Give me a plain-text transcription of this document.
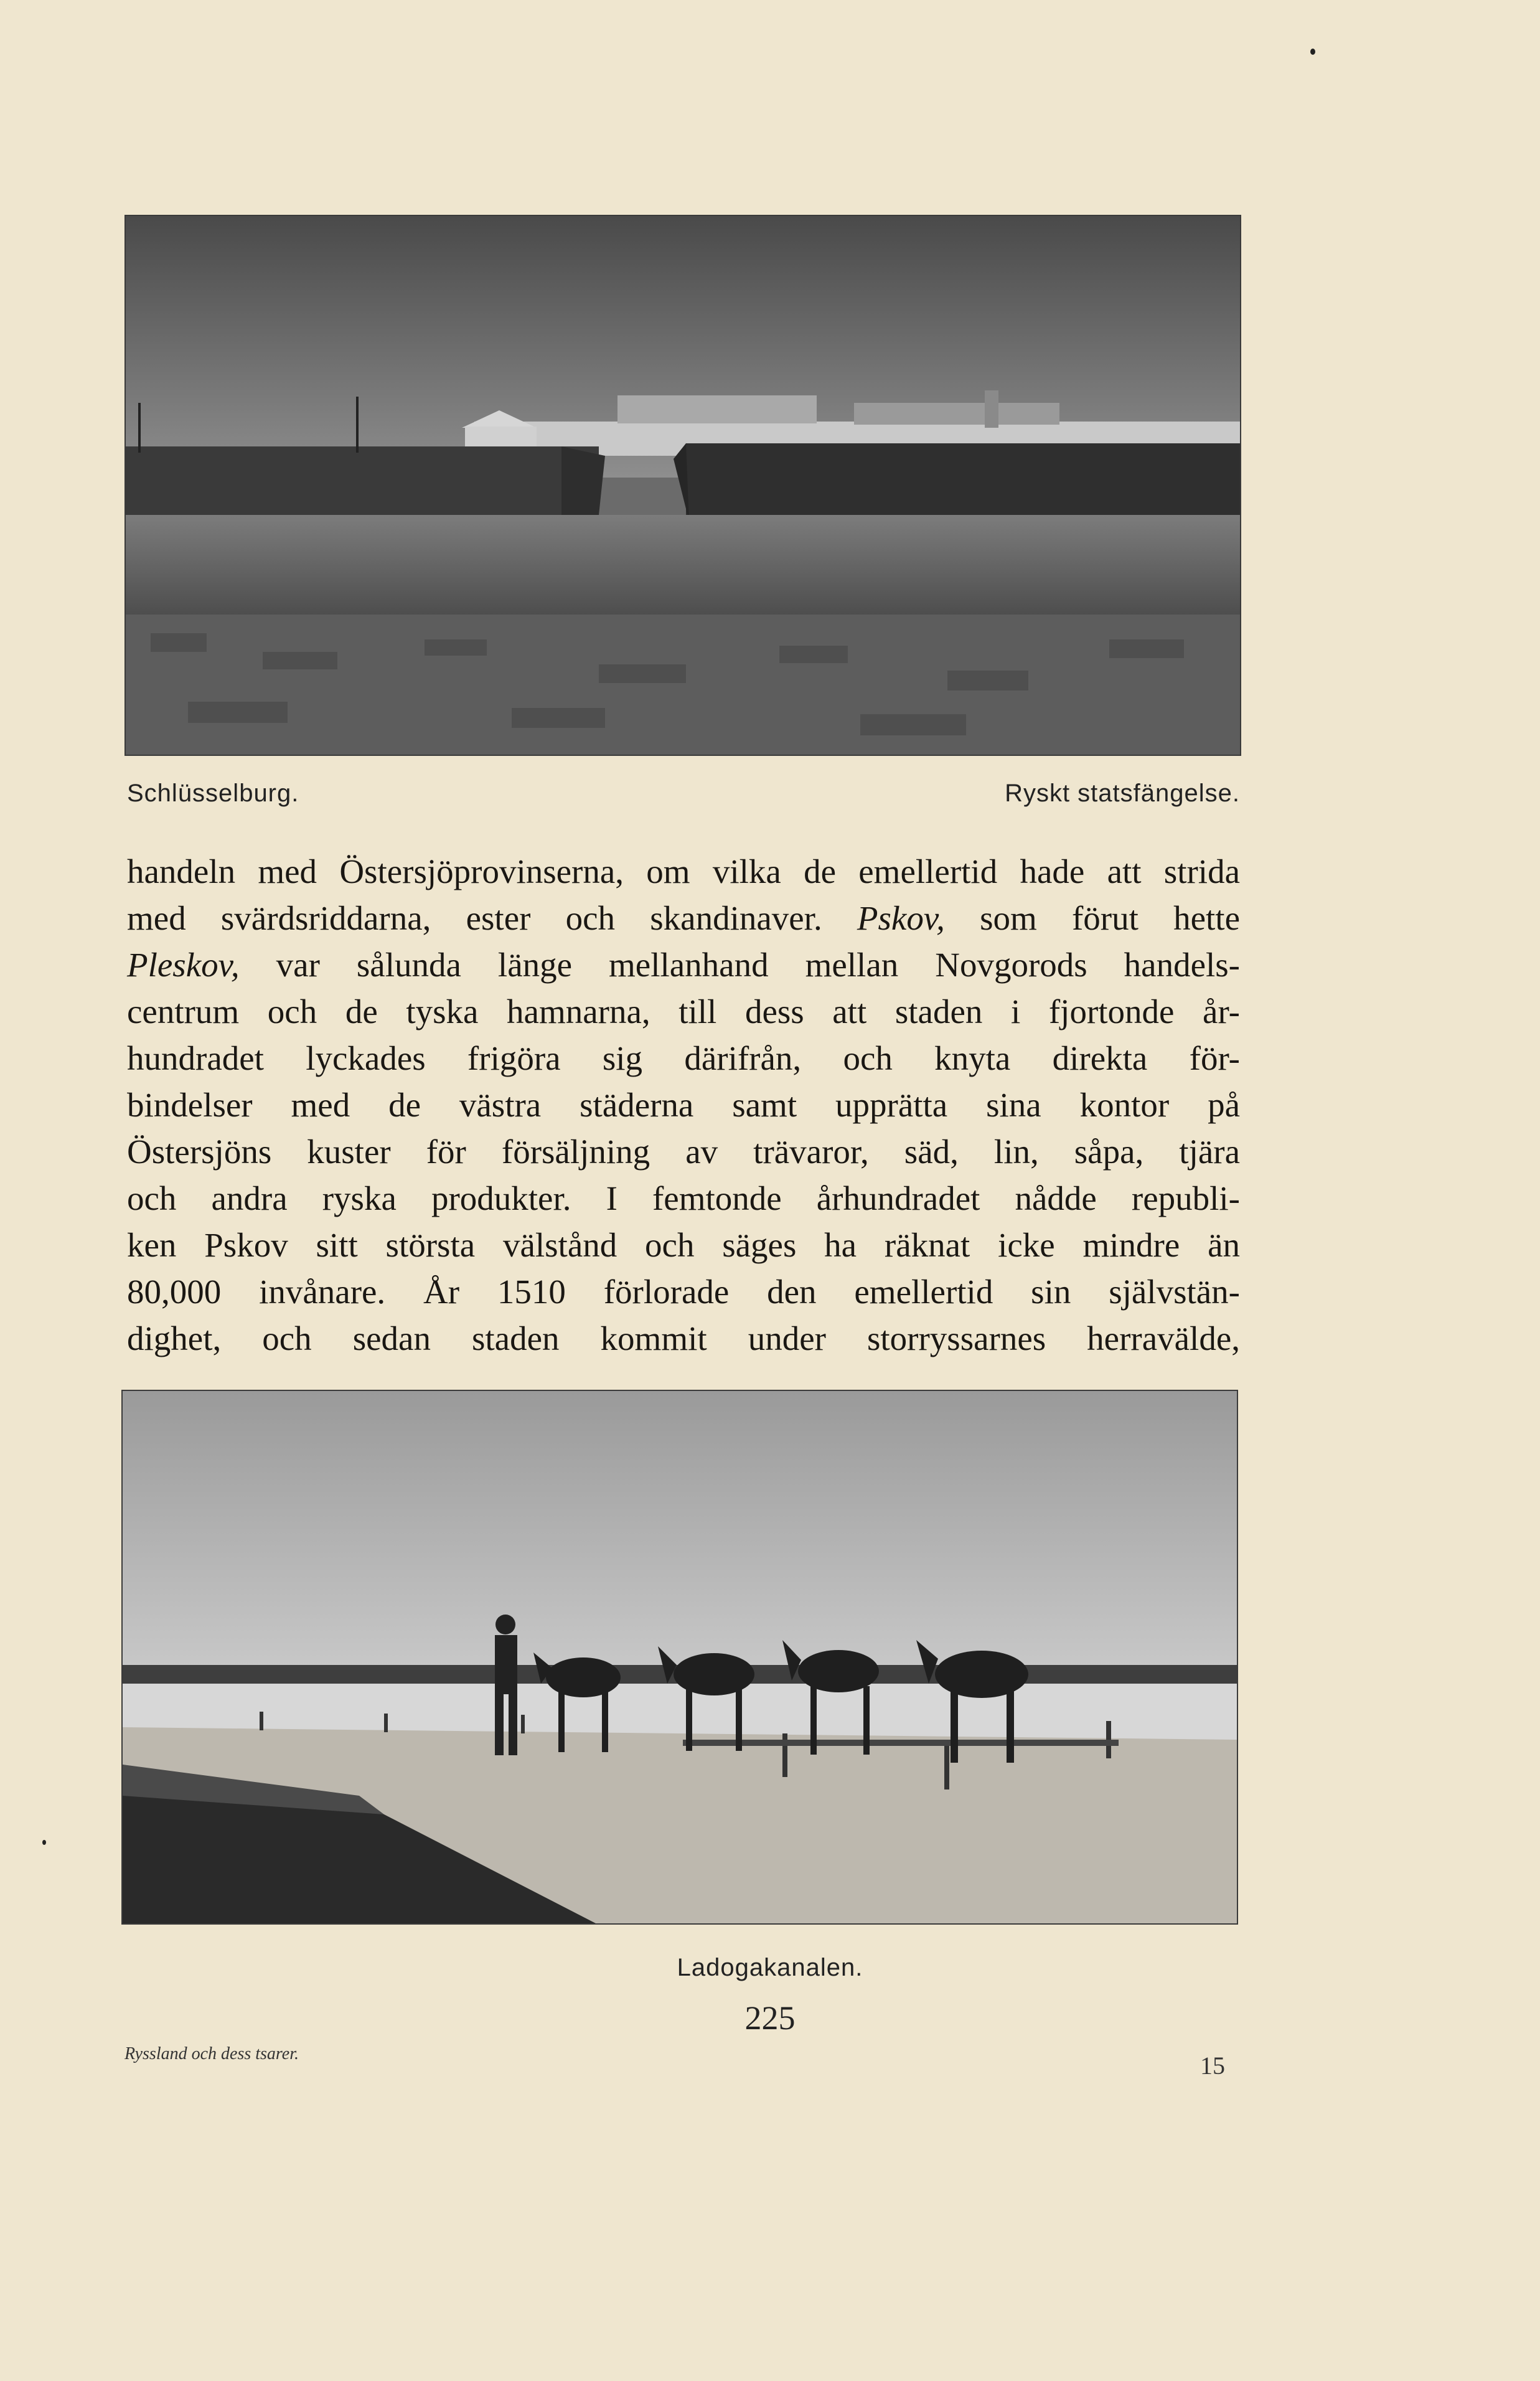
Schlüsselburg.	Ryskt statsfängelse.
handeln med Östersjöprovinserna, om vilka de emellertid hade att strida
med svärdsriddarna, ester och skandinaver. Pskov, som förut hette
Pleskov, var sålunda länge mellanhand mellan Novgorods handels-
centrum och de tyska hamnarna, till dess att staden i fjortonde år-
hundradet lyckades frigöra sig därifrån, och knyta direkta för-
bindelser med de västra städerna samt upprätta sina kontor på
Östersjöns kuster för försäljning av trävaror, säd, lin, såpa, tjära
och andra ryska produkter. I femtonde århundradet nådde republi-
ken Pskov sitt största välstånd och säges ha räknat icke mindre än
80,000 invånare. År 1510 förlorade den emellertid sin självstän-
dighet, och sedan staden kommit under storryssarnes herravälde,
Ladogakanalen.
225
Ryssland och dess tsarer.	15
